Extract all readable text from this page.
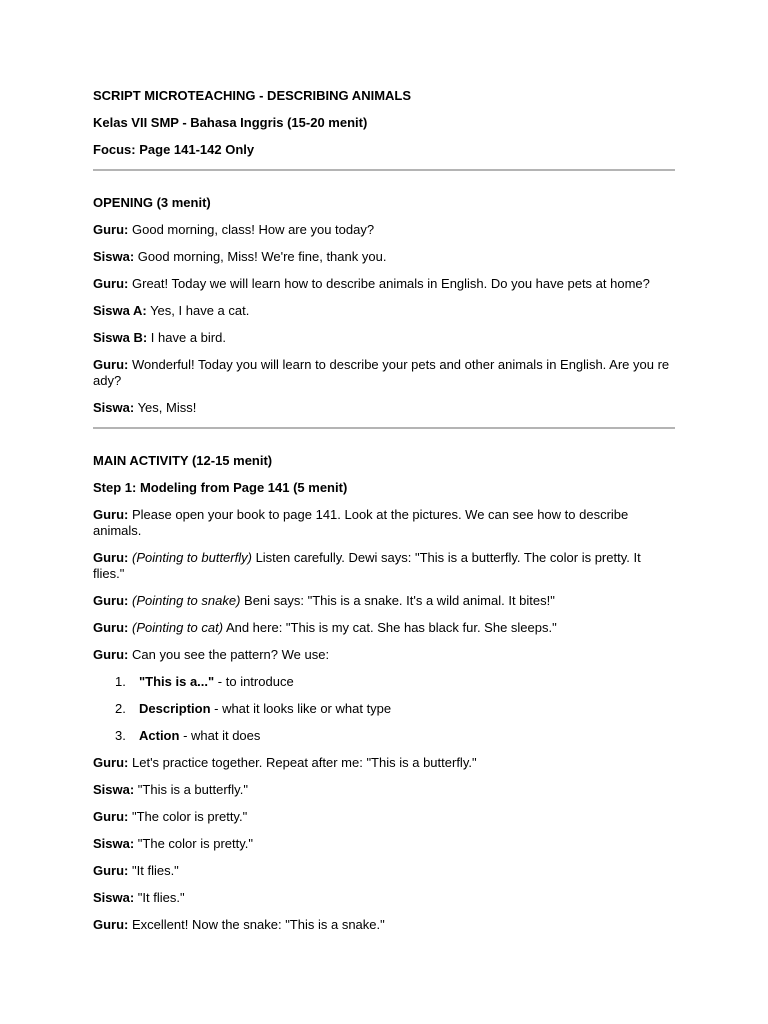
SCRIPT MICROTEACHING - DESCRIBING ANIMALS

Kelas VII SMP - Bahasa Inggris (15-20 menit)

Focus: Page 141-142 Only

OPENING (3 menit)

Guru: Good morning, class! How are you today?

Siswa: Good morning, Miss! We're fine, thank you.

Guru: Great! Today we will learn how to describe animals in English. Do you have pets at home?

Siswa A: Yes, I have a cat.

Siswa B: I have a bird.

Guru: Wonderful! Today you will learn to describe your pets and other animals in English. Are you re ady?

Siswa: Yes, Miss!

MAIN ACTIVITY (12-15 menit)

Step 1: Modeling from Page 141 (5 menit)

Guru: Please open your book to page 141. Look at the pictures. We can see how to describe animals.

Guru: (Pointing to butterfly) Listen carefully. Dewi says: "This is a butterfly. The color is pretty. It flies."

Guru: (Pointing to snake) Beni says: "This is a snake. It's a wild animal. It bites!"

Guru: (Pointing to cat) And here: "This is my cat. She has black fur. She sleeps."

Guru: Can you see the pattern? We use:

1. "This is a..." - to introduce
2. Description - what it looks like or what type
3. Action - what it does

Guru: Let's practice together. Repeat after me: "This is a butterfly."

Siswa: "This is a butterfly."

Guru: "The color is pretty."

Siswa: "The color is pretty."

Guru: "It flies."

Siswa: "It flies."

Guru: Excellent! Now the snake: "This is a snake."
